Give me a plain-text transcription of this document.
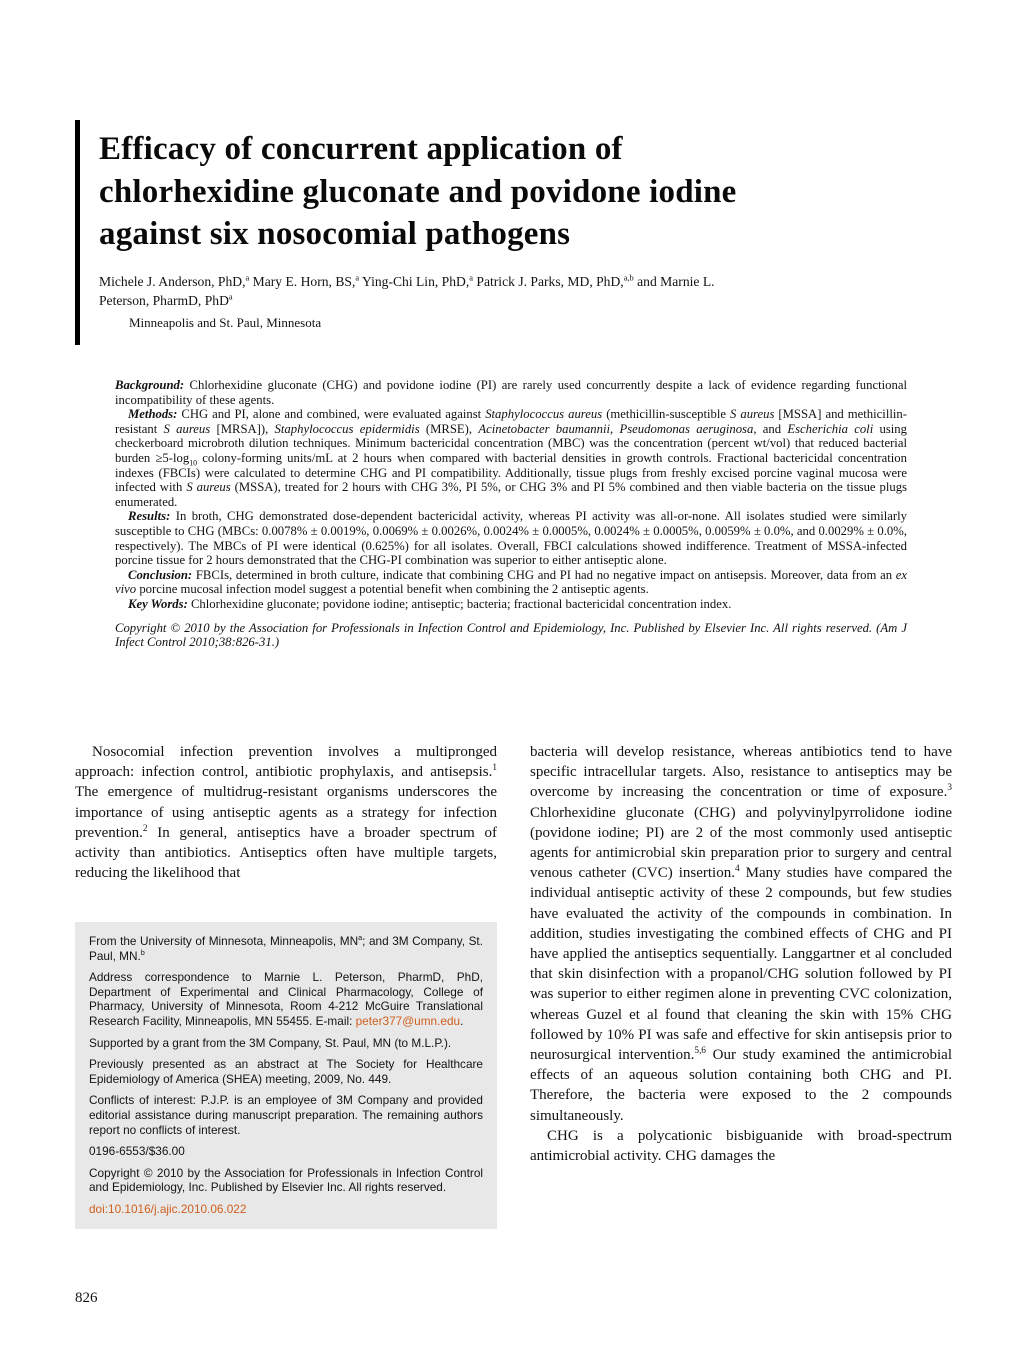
Efficacy of concurrent application of chlorhexidine gluconate and povidone iodine against six nosocomial pathogens

Michele J. Anderson, PhD,$^a$ Mary E. Horn, BS,$^a$ Ying-Chi Lin, PhD,$^a$ Patrick J. Parks, MD, PhD,$^{a,b}$ and Marnie L. Peterson, PharmD, PhD$^a$

Minneapolis and St. Paul, Minnesota

Background: Chlorhexidine gluconate (CHG) and povidone iodine (PI) are rarely used concurrently despite a lack of evidence regarding functional incompatibility of these agents.

Methods: CHG and PI, alone and combined, were evaluated against Staphylococcus aureus (methicillin-susceptible S aureus [MSSA] and methicillin-resistant S aureus [MRSA]), Staphylococcus epidermidis (MRSE), Acinetobacter baumannii, Pseudomonas aeruginosa, and Escherichia coli using checkerboard microbroth dilution techniques. Minimum bactericidal concentration (MBC) was the concentration (percent wt/vol) that reduced bacterial burden $\ge 5-\log_{10}$ colony-forming units/mL at 2 hours when compared with bacterial densities in growth controls. Fractional bactericidal concentration indexes (FBCIs) were calculated to determine CHG and PI compatibility. Additionally, tissue plugs from freshly excised porcine vaginal mucosa were infected with S aureus (MSSA), treated for 2 hours with CHG 3%, PI 5%, or CHG 3% and PI 5% combined and then viable bacteria on the tissue plugs enumerated.

Results: In broth, CHG demonstrated dose-dependent bactericidal activity, whereas PI activity was all-or-none. All isolates studied were similarly susceptible to CHG (MBCs: 0.0078% ± 0.0019%, 0.0069% ± 0.0026%, 0.0024% ± 0.0005%, 0.0024% ± 0.0005%, 0.0059% ± 0.0%, and 0.0029% ± 0.0%, respectively). The MBCs of PI were identical (0.625%) for all isolates. Overall, FBCI calculations showed indifference. Treatment of MSSA-infected porcine tissue for 2 hours demonstrated that the CHG-PI combination was superior to either antiseptic alone.

Conclusion: FBCIs, determined in broth culture, indicate that combining CHG and PI had no negative impact on antisepsis. Moreover, data from an ex vivo porcine mucosal infection model suggest a potential benefit when combining the 2 antiseptic agents.

Key Words: Chlorhexidine gluconate; povidone iodine; antiseptic; bacteria; fractional bactericidal concentration index.

Copyright © 2010 by the Association for Professionals in Infection Control and Epidemiology, Inc. Published by Elsevier Inc. All rights reserved. (Am J Infect Control 2010;38:826-31.)

Nosocomial infection prevention involves a multipronged approach: infection control, antibiotic prophylaxis, and antisepsis.$^1$ The emergence of multidrug-resistant organisms underscores the importance of using antiseptic agents as a strategy for infection prevention.$^2$ In general, antiseptics have a broader spectrum of activity than antibiotics. Antiseptics often have multiple targets, reducing the likelihood that

bacteria will develop resistance, whereas antibiotics tend to have specific intracellular targets. Also, resistance to antiseptics may be overcome by increasing the concentration or time of exposure.$^3$ Chlorhexidine gluconate (CHG) and polyvinylpyrrolidone iodine (povidone iodine; PI) are 2 of the most commonly used antiseptic agents for antimicrobial skin preparation prior to surgery and central venous catheter (CVC) insertion.$^4$ Many studies have compared the individual antiseptic activity of these 2 compounds, but few studies have evaluated the activity of the compounds in combination. In addition, studies investigating the combined effects of CHG and PI have applied the antiseptics sequentially. Langgartner et al concluded that skin disinfection with a propanol/CHG solution followed by PI was superior to either regimen alone in preventing CVC colonization, whereas Guzel et al found that cleaning the skin with 15% CHG followed by 10% PI was safe and effective for skin antisepsis prior to neurosurgical intervention.$^{5,6}$ Our study examined the antimicrobial effects of an aqueous solution containing both CHG and PI. Therefore, the bacteria were exposed to the 2 compounds simultaneously.

CHG is a polycationic bisbiguanide with broad-spectrum antimicrobial activity. CHG damages the

From the University of Minnesota, Minneapolis, $MN^a$; and 3M Company, St. Paul, MN.$^b$

Address correspondence to Marnie L. Peterson, PharmD, PhD, Department of Experimental and Clinical Pharmacology, College of Pharmacy, University of Minnesota, Room 4-212 McGuire Translational Research Facility, Minneapolis, MN 55455. E-mail: peter377@umn.edu.

Supported by a grant from the 3M Company, St. Paul, MN (to M.L.P.).

Previously presented as an abstract at The Society for Healthcare Epidemiology of America (SHEA) meeting, 2009, No. 449.

Conflicts of interest: P.J.P. is an employee of 3M Company and provided editorial assistance during manuscript preparation. The remaining authors report no conflicts of interest.

0196-6553/$36.00

Copyright © 2010 by the Association for Professionals in Infection Control and Epidemiology, Inc. Published by Elsevier Inc. All rights reserved.

doi:10.1016/j.ajic.2010.06.022

826
